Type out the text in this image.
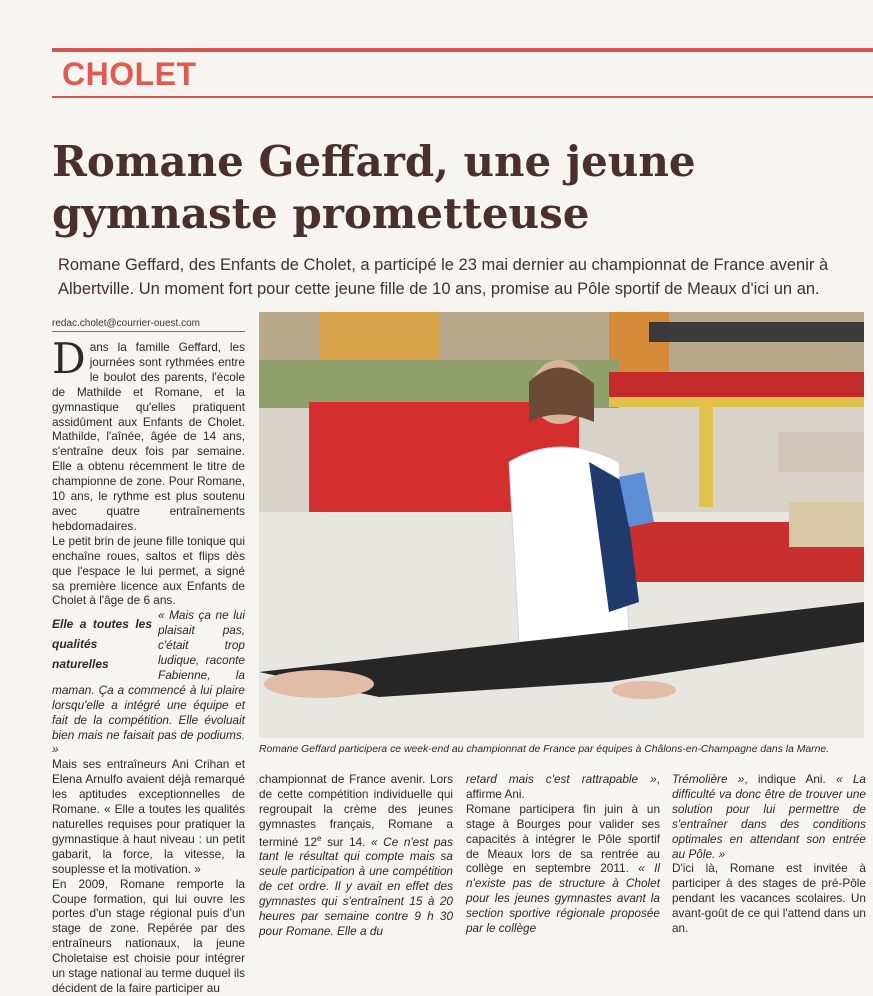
CHOLET
Romane Geffard, une jeune gymnaste prometteuse

Romane Geffard, des Enfants de Cholet, a participé le 23 mai dernier au championnat de France avenir à Albertville. Un moment fort pour cette jeune fille de 10 ans, promise au Pôle sportif de Meaux d'ici un an.

redac.cholet@courrier-ouest.com

Dans la famille Geffard, les journées sont rythmées entre le boulot des parents, l'école de Mathilde et Romane, et la gymnastique qu'elles pratiquent assidûment aux Enfants de Cholet. Mathilde, l'aînée, âgée de 14 ans, s'entraîne deux fois par semaine. Elle a obtenu récemment le titre de championne de zone. Pour Romane, 10 ans, le rythme est plus soutenu avec quatre entraînements hebdomadaires.

Le petit brin de jeune fille tonique qui enchaîne roues, saltos et flips dès que l'espace le lui permet, a signé sa première licence aux Enfants de Cholet à l'âge de 6 ans.

Elle a toutes les qualités naturelles

« Mais ça ne lui plaisait pas, c'était trop ludique, raconte Fabienne, la maman. Ça a commencé à lui plaire lorsqu'elle a intégré une équipe et fait de la compétition. Elle évoluait bien mais ne faisait pas de podiums. »

Mais ses entraîneurs Ani Crihan et Elena Arnulfo avaient déjà remarqué les aptitudes exceptionnelles de Romane. « Elle a toutes les qualités naturelles requises pour pratiquer la gymnastique à haut niveau : un petit gabarit, la force, la vitesse, la souplesse et la motivation. »

En 2009, Romane remporte la Coupe formation, qui lui ouvre les portes d'un stage régional puis d'un stage de zone. Repérée par des entraîneurs nationaux, la jeune Choletaise est choisie pour intégrer un stage national au terme duquel ils décident de la faire participer au

Romane Geffard participera ce week-end au championnat de France par équipes à Châlons-en-Champagne dans la Marne.

championnat de France avenir. Lors de cette compétition individuelle qui regroupait la crème des jeunes gymnastes français, Romane a terminé 12e sur 14. « Ce n'est pas tant le résultat qui compte mais sa seule participation à une compétition de cet ordre. Il y avait en effet des gymnastes qui s'entraînent 15 à 20 heures par semaine contre 9 h 30 pour Romane. Elle a du

retard mais c'est rattrapable », affirme Ani.

Romane participera fin juin à un stage à Bourges pour valider ses capacités à intégrer le Pôle sportif de Meaux lors de sa rentrée au collège en septembre 2011. « Il n'existe pas de structure à Cholet pour les jeunes gymnastes avant la section sportive régionale proposée par le collège

Trémolière », indique Ani. « La difficulté va donc être de trouver une solution pour lui permettre de s'entraîner dans des conditions optimales en attendant son entrée au Pôle. »

D'ici là, Romane est invitée à participer à des stages de pré-Pôle pendant les vacances scolaires. Un avant-goût de ce qui l'attend dans un an.
